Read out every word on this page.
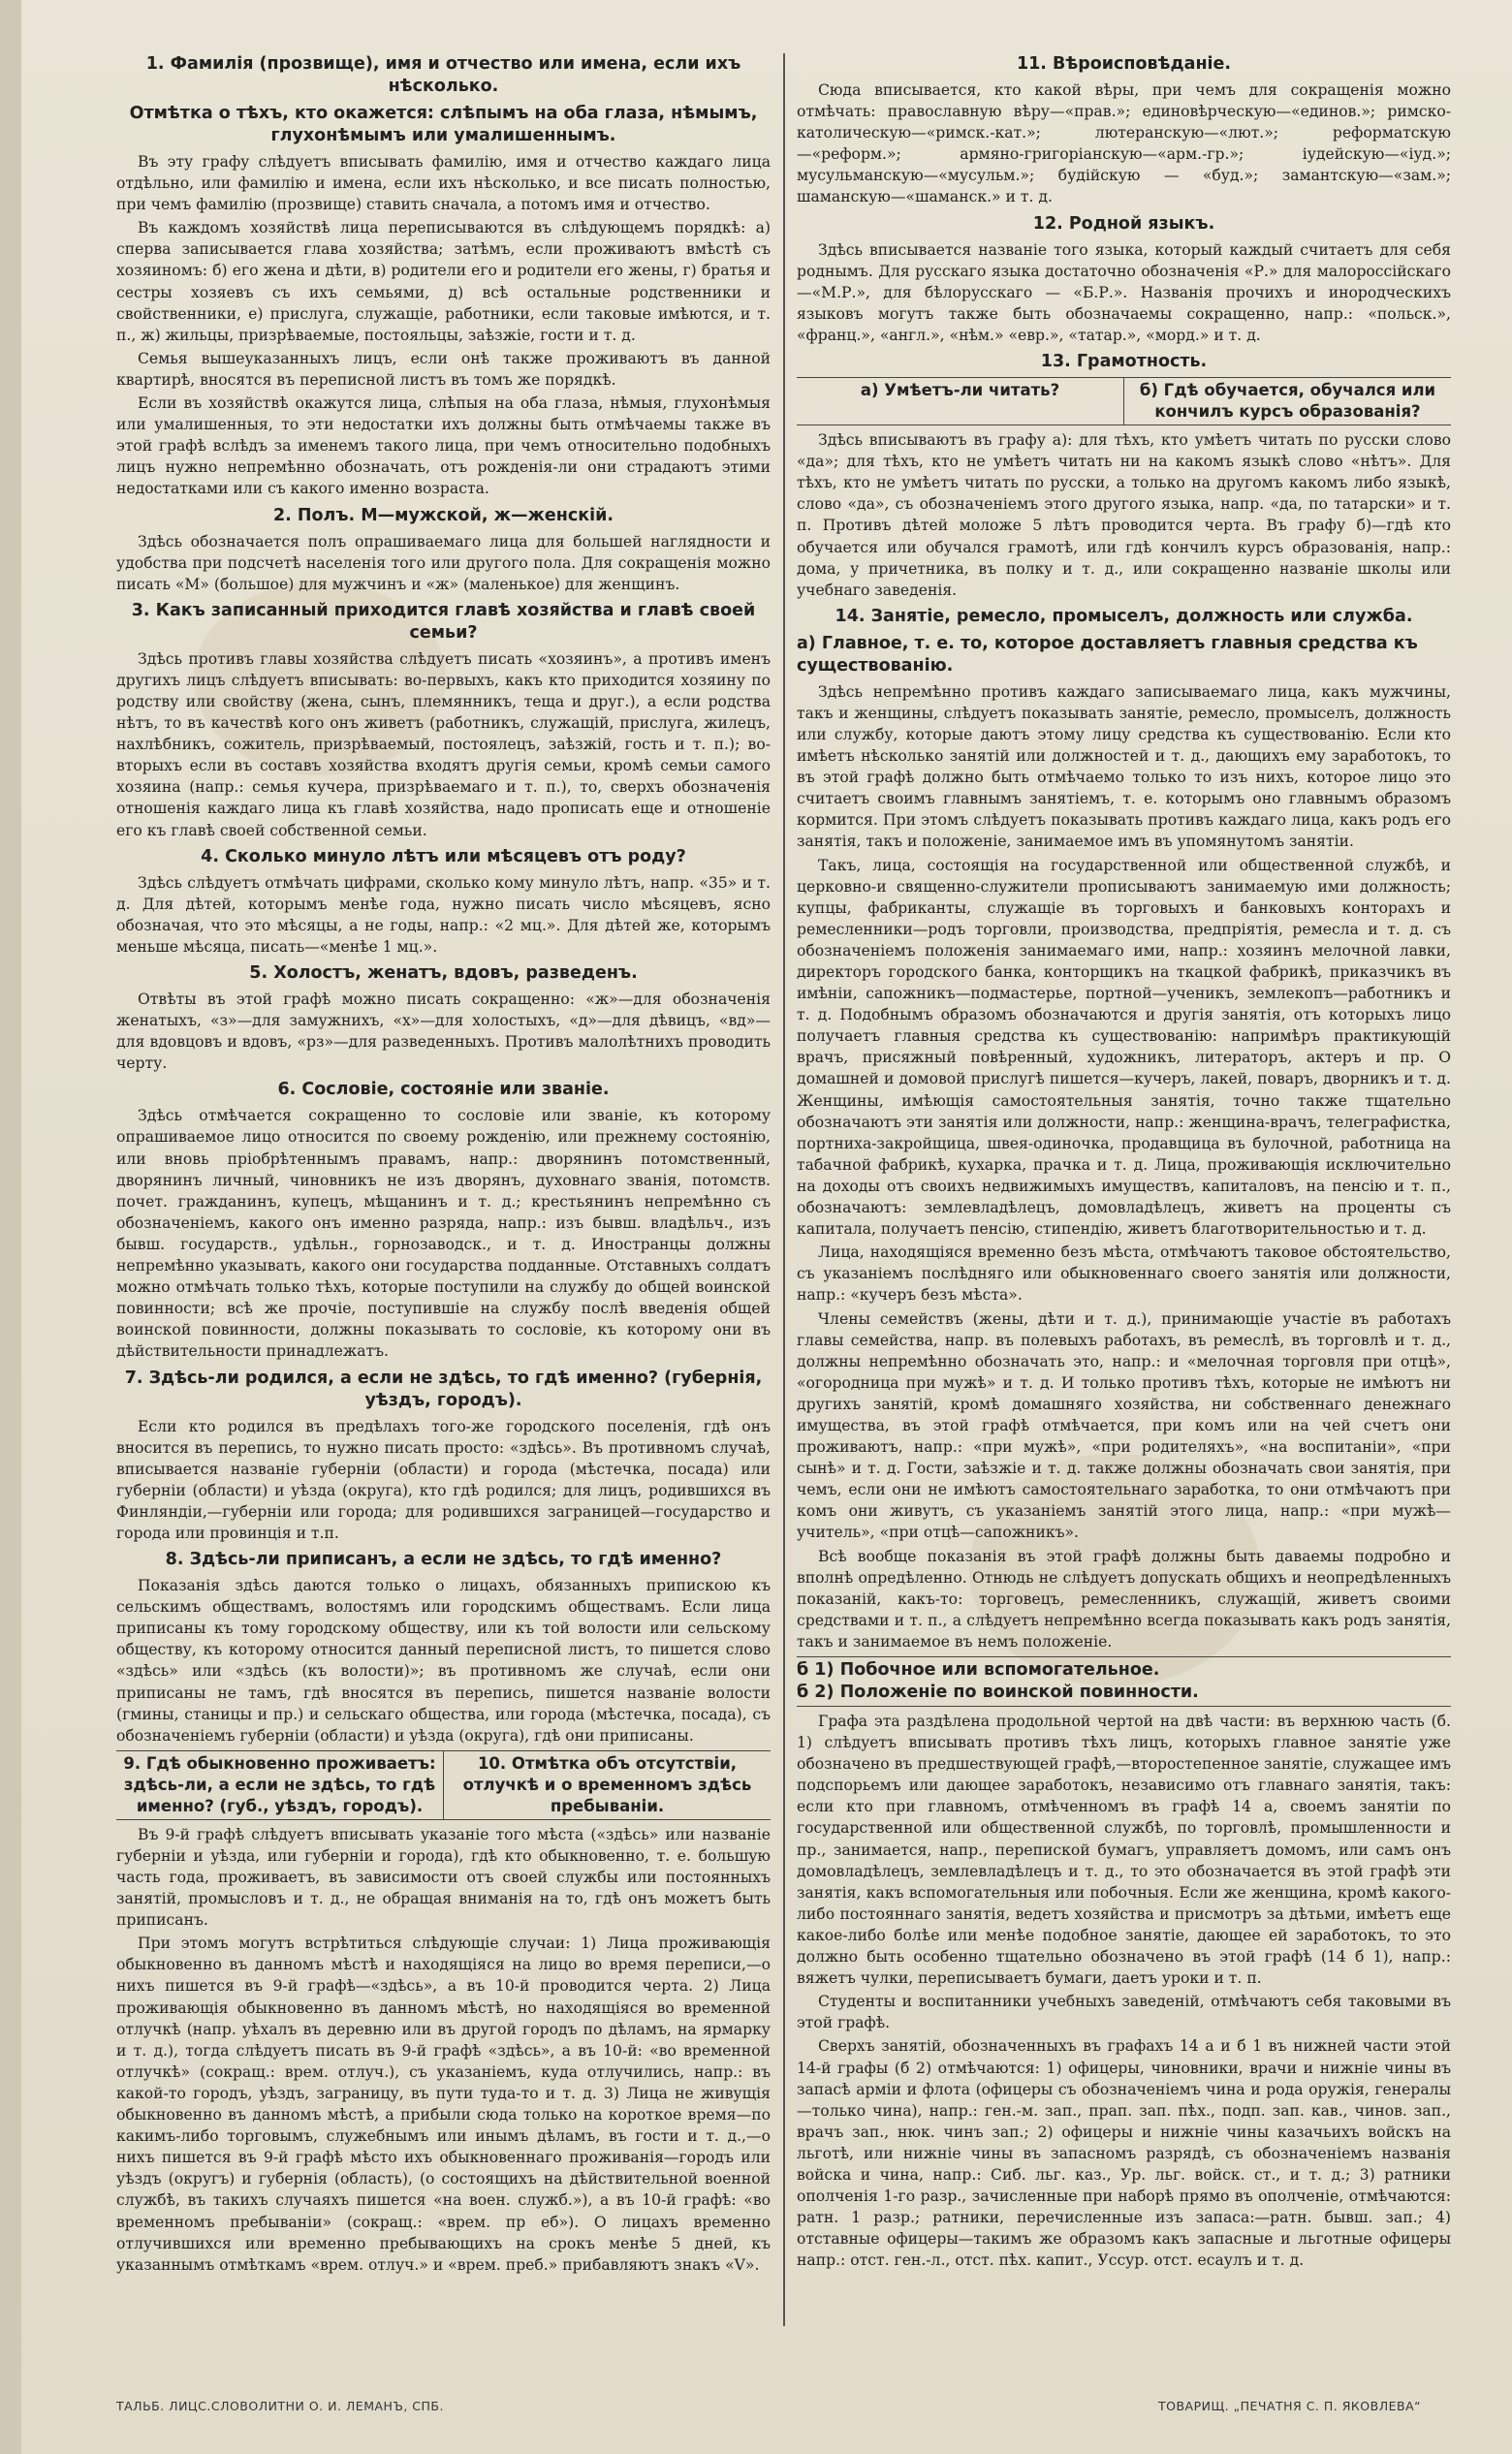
1. Фамилія (прозвище), имя и отчество или имена, если ихъ нѣсколько.
Отмѣтка о тѣхъ, кто окажется: слѣпымъ на оба глаза, нѣмымъ, глухонѣмымъ или умалишеннымъ.

Въ эту графу слѣдуетъ вписывать фамилію, имя и отчество каждаго лица отдѣльно, или фамилію и имена, если ихъ нѣсколько, и все писать полностью, при чемъ фамилію (прозвище) ставить сначала, а потомъ имя и отчество.

Въ каждомъ хозяйствѣ лица переписываются въ слѣдующемъ порядкѣ: а) сперва записывается глава хозяйства; затѣмъ, если проживаютъ вмѣстѣ съ хозяиномъ: б) его жена и дѣти, в) родители его и родители его жены, г) братья и сестры хозяевъ съ ихъ семьями, д) всѣ остальные родственники и свойственники, е) прислуга, служащіе, работники, если таковые имѣются, и т. п., ж) жильцы, призрѣваемые, постояльцы, заѣзжіе, гости и т. д.

Семья вышеуказанныхъ лицъ, если онѣ также проживаютъ въ данной квартирѣ, вносятся въ переписной листъ въ томъ же порядкѣ.

Если въ хозяйствѣ окажутся лица, слѣпыя на оба глаза, нѣмыя, глухонѣмыя или умалишенныя, то эти недостатки ихъ должны быть отмѣчаемы также въ этой графѣ вслѣдъ за именемъ такого лица, при чемъ относительно подобныхъ лицъ нужно непремѣнно обозначать, отъ рожденія-ли они страдаютъ этими недостатками или съ какого именно возраста.

2. Полъ. М—мужской, ж—женскій.

Здѣсь обозначается полъ опрашиваемаго лица для большей наглядности и удобства при подсчетѣ населенія того или другого пола. Для сокращенія можно писать «М» (большое) для мужчинъ и «ж» (маленькое) для женщинъ.

3. Какъ записанный приходится главѣ хозяйства и главѣ своей семьи?

Здѣсь противъ главы хозяйства слѣдуетъ писать «хозяинъ», а противъ именъ другихъ лицъ слѣдуетъ вписывать: во-первыхъ, какъ кто приходится хозяину по родству или свойству (жена, сынъ, племянникъ, теща и друг.), а если родства нѣтъ, то въ качествѣ кого онъ живетъ (работникъ, служащій, прислуга, жилецъ, нахлѣбникъ, сожитель, призрѣваемый, постоялецъ, заѣзжій, гость и т. п.); во-вторыхъ если въ составъ хозяйства входятъ другія семьи, кромѣ семьи самого хозяина (напр.: семья кучера, призрѣваемаго и т. п.), то, сверхъ обозначенія отношенія каждаго лица къ главѣ хозяйства, надо прописать еще и отношеніе его къ главѣ своей собственной семьи.

4. Сколько минуло лѣтъ или мѣсяцевъ отъ роду?

Здѣсь слѣдуетъ отмѣчать цифрами, сколько кому минуло лѣтъ, напр. «35» и т. д. Для дѣтей, которымъ менѣе года, нужно писать число мѣсяцевъ, ясно обозначая, что это мѣсяцы, а не годы, напр.: «2 мц.». Для дѣтей же, которымъ меньше мѣсяца, писать—«менѣе 1 мц.».

5. Холостъ, женатъ, вдовъ, разведенъ.

Отвѣты въ этой графѣ можно писать сокращенно: «ж»—для обозначенія женатыхъ, «з»—для замужнихъ, «х»—для холостыхъ, «д»—для дѣвицъ, «вд»—для вдовцовъ и вдовъ, «рз»—для разведенныхъ. Противъ малолѣтнихъ проводить черту.

6. Сословіе, состояніе или званіе.

Здѣсь отмѣчается сокращенно то сословіе или званіе, къ которому опрашиваемое лицо относится по своему рожденію, или прежнему состоянію, или вновь пріобрѣтеннымъ правамъ, напр.: дворянинъ потомственный, дворянинъ личный, чиновникъ не изъ дворянъ, духовнаго званія, потомств. почет. гражданинъ, купецъ, мѣщанинъ и т. д.; крестьянинъ непремѣнно съ обозначеніемъ, какого онъ именно разряда, напр.: изъ бывш. владѣльч., изъ бывш. государств., удѣльн., горнозаводск., и т. д. Иностранцы должны непремѣнно указывать, какого они государства подданные. Отставныхъ солдатъ можно отмѣчать только тѣхъ, которые поступили на службу до общей воинской повинности; всѣ же прочіе, поступившіе на службу послѣ введенія общей воинской повинности, должны показывать то сословіе, къ которому они въ дѣйствительности принадлежатъ.

7. Здѣсь-ли родился, а если не здѣсь, то гдѣ именно? (губернія, уѣздъ, городъ).

Если кто родился въ предѣлахъ того-же городского поселенія, гдѣ онъ вносится въ перепись, то нужно писать просто: «здѣсь». Въ противномъ случаѣ, вписывается названіе губерніи (области) и города (мѣстечка, посада) или губерніи (области) и уѣзда (округа), кто гдѣ родился; для лицъ, родившихся въ Финляндіи,—губерніи или города; для родившихся заграницей—государство и города или провинція и т.п.

8. Здѣсь-ли приписанъ, а если не здѣсь, то гдѣ именно?

Показанія здѣсь даются только о лицахъ, обязанныхъ припискою къ сельскимъ обществамъ, волостямъ или городскимъ обществамъ. Если лица приписаны къ тому городскому обществу, или къ той волости или сельскому обществу, къ которому относится данный переписной листъ, то пишется слово «здѣсь» или «здѣсь (къ волости)»; въ противномъ же случаѣ, если они приписаны не тамъ, гдѣ вносятся въ перепись, пишется названіе волости (гмины, станицы и пр.) и сельскаго общества, или города (мѣстечка, посада), съ обозначеніемъ губерніи (области) и уѣзда (округа), гдѣ они приписаны.

9. Гдѣ обыкновенно проживаетъ: здѣсь-ли, а если не здѣсь, то гдѣ именно? (губ., уѣздъ, городъ).
10. Отмѣтка объ отсутствіи, отлучкѣ и о временномъ здѣсь пребываніи.

Въ 9-й графѣ слѣдуетъ вписывать указаніе того мѣста («здѣсь» или названіе губерніи и уѣзда, или губерніи и города), гдѣ кто обыкновенно, т. е. большую часть года, проживаетъ, въ зависимости отъ своей службы или постоянныхъ занятій, промысловъ и т. д., не обращая вниманія на то, гдѣ онъ можетъ быть приписанъ.

При этомъ могутъ встрѣтиться слѣдующіе случаи: 1) Лица проживающія обыкновенно въ данномъ мѣстѣ и находящіяся на лицо во время переписи,—о нихъ пишется въ 9-й графѣ—«здѣсь», а въ 10-й проводится черта. 2) Лица проживающія обыкновенно въ данномъ мѣстѣ, но находящіяся во временной отлучкѣ (напр. уѣхалъ въ деревню или въ другой городъ по дѣламъ, на ярмарку и т. д.), тогда слѣдуетъ писать въ 9-й графѣ «здѣсь», а въ 10-й: «во временной отлучкѣ» (сокращ.: врем. отлуч.), съ указаніемъ, куда отлучились, напр.: въ какой-то городъ, уѣздъ, заграницу, въ пути туда-то и т. д. 3) Лица не живущія обыкновенно въ данномъ мѣстѣ, а прибыли сюда только на короткое время—по какимъ-либо торговымъ, служебнымъ или инымъ дѣламъ, въ гости и т. д.,—о нихъ пишется въ 9-й графѣ мѣсто ихъ обыкновеннаго проживанія—городъ или уѣздъ (округъ) и губернія (область), (о состоящихъ на дѣйствительной военной службѣ, въ такихъ случаяхъ пишется «на воен. служб.»), а въ 10-й графѣ: «во временномъ пребываніи» (сокращ.: «врем. пр еб»). О лицахъ временно отлучившихся или временно пребывающихъ на срокъ менѣе 5 дней, къ указаннымъ отмѣткамъ «врем. отлуч.» и «врем. преб.» прибавляютъ знакъ «V».

11. Вѣроисповѣданіе.

Сюда вписывается, кто какой вѣры, при чемъ для сокращенія можно отмѣчать: православную вѣру—«прав.»; единовѣрческую—«единов.»; римско-католическую—«римск.-кат.»; лютеранскую—«лют.»; реформатскую—«реформ.»; армяно-григоріанскую—«арм.-гр.»; іудейскую—«іуд.»; мусульманскую—«мусульм.»; будійскую — «буд.»; замантскую—«зам.»; шаманскую—«шаманск.» и т. д.

12. Родной языкъ.

Здѣсь вписывается названіе того языка, который каждый считаетъ для себя роднымъ. Для русскаго языка достаточно обозначенія «Р.» для малороссійскаго—«М.Р.», для бѣлорусскаго — «Б.Р.». Названія прочихъ и инородческихъ языковъ могутъ также быть обозначаемы сокращенно, напр.: «польск.», «франц.», «англ.», «нѣм.» «евр.», «татар.», «морд.» и т. д.

13. Грамотность.
а) Умѣетъ-ли читать?	б) Гдѣ обучается, обучался или кончилъ курсъ образованія?

Здѣсь вписываютъ въ графу а): для тѣхъ, кто умѣетъ читать по русски слово «да»; для тѣхъ, кто не умѣетъ читать ни на какомъ языкѣ слово «нѣтъ». Для тѣхъ, кто не умѣетъ читать по русски, а только на другомъ какомъ либо языкѣ, слово «да», съ обозначеніемъ этого другого языка, напр. «да, по татарски» и т. п. Противъ дѣтей моложе 5 лѣтъ проводится черта. Въ графу б)—гдѣ кто обучается или обучался грамотѣ, или гдѣ кончилъ курсъ образованія, напр.: дома, у причетника, въ полку и т. д., или сокращенно названіе школы или учебнаго заведенія.

14. Занятіе, ремесло, промыселъ, должность или служба.
а) Главное, т. е. то, которое доставляетъ главныя средства къ существованію.

Здѣсь непремѣнно противъ каждаго записываемаго лица, какъ мужчины, такъ и женщины, слѣдуетъ показывать занятіе, ремесло, промыселъ, должность или службу, которые даютъ этому лицу средства къ существованію. Если кто имѣетъ нѣсколько занятій или должностей и т. д., дающихъ ему заработокъ, то въ этой графѣ должно быть отмѣчаемо только то изъ нихъ, которое лицо это считаетъ своимъ главнымъ занятіемъ, т. е. которымъ оно главнымъ образомъ кормится. При этомъ слѣдуетъ показывать противъ каждаго лица, какъ родъ его занятія, такъ и положеніе, занимаемое имъ въ упомянутомъ занятіи.

Такъ, лица, состоящія на государственной или общественной службѣ, и церковно-и священно-служители прописываютъ занимаемую ими должность; купцы, фабриканты, служащіе въ торговыхъ и банковыхъ конторахъ и ремесленники—родъ торговли, производства, предпріятія, ремесла и т. д. съ обозначеніемъ положенія занимаемаго ими, напр.: хозяинъ мелочной лавки, директоръ городского банка, конторщикъ на ткацкой фабрикѣ, приказчикъ въ имѣніи, сапожникъ—подмастерье, портной—ученикъ, землекопъ—работникъ и т. д. Подобнымъ образомъ обозначаются и другія занятія, отъ которыхъ лицо получаетъ главныя средства къ существованію: напримѣръ практикующій врачъ, присяжный повѣренный, художникъ, литераторъ, актеръ и пр. О домашней и домовой прислугѣ пишется—кучеръ, лакей, поваръ, дворникъ и т. д. Женщины, имѣющія самостоятельныя занятія, точно также тщательно обозначаютъ эти занятія или должности, напр.: женщина-врачъ, телеграфистка, портниха-закройщица, швея-одиночка, продавщица въ булочной, работница на табачной фабрикѣ, кухарка, прачка и т. д. Лица, проживающія исключительно на доходы отъ своихъ недвижимыхъ имуществъ, капиталовъ, на пенсію и т. п., обозначаютъ: землевладѣлецъ, домовладѣлецъ, живетъ на проценты съ капитала, получаетъ пенсію, стипендію, живетъ благотворительностью и т. д.

Лица, находящіяся временно безъ мѣста, отмѣчаютъ таковое обстоятельство, съ указаніемъ послѣдняго или обыкновеннаго своего занятія или должности, напр.: «кучеръ безъ мѣста».

Члены семействъ (жены, дѣти и т. д.), принимающіе участіе въ работахъ главы семейства, напр. въ полевыхъ работахъ, въ ремеслѣ, въ торговлѣ и т. д., должны непремѣнно обозначать это, напр.: и «мелочная торговля при отцѣ», «огородница при мужѣ» и т. д. И только противъ тѣхъ, которые не имѣютъ ни другихъ занятій, кромѣ домашняго хозяйства, ни собственнаго денежнаго имущества, въ этой графѣ отмѣчается, при комъ или на чей счетъ они проживаютъ, напр.: «при мужѣ», «при родителяхъ», «на воспитаніи», «при сынѣ» и т. д. Гости, заѣзжіе и т. д. также должны обозначать свои занятія, при чемъ, если они не имѣютъ самостоятельнаго заработка, то они отмѣчаютъ при комъ они живутъ, съ указаніемъ занятій этого лица, напр.: «при мужѣ—учитель», «при отцѣ—сапожникъ».

Всѣ вообще показанія въ этой графѣ должны быть даваемы подробно и вполнѣ опредѣленно. Отнюдь не слѣдуетъ допускать общихъ и неопредѣленныхъ показаній, какъ-то: торговецъ, ремесленникъ, служащій, живетъ своими средствами и т. п., а слѣдуетъ непремѣнно всегда показывать какъ родъ занятія, такъ и занимаемое въ немъ положеніе.

б 1) Побочное или вспомогательное.
б 2) Положеніе по воинской повинности.

Графа эта раздѣлена продольной чертой на двѣ части: въ верхнюю часть (б. 1) слѣдуетъ вписывать противъ тѣхъ лицъ, которыхъ главное занятіе уже обозначено въ предшествующей графѣ,—второстепенное занятіе, служащее имъ подспорьемъ или дающее заработокъ, независимо отъ главнаго занятія, такъ: если кто при главномъ, отмѣченномъ въ графѣ 14 а, своемъ занятіи по государственной или общественной службѣ, по торговлѣ, промышленности и пр., занимается, напр., перепиской бумагъ, управляетъ домомъ, или самъ онъ домовладѣлецъ, землевладѣлецъ и т. д., то это обозначается въ этой графѣ эти занятія, какъ вспомогательныя или побочныя. Если же женщина, кромѣ какого-либо постояннаго занятія, ведетъ хозяйства и присмотръ за дѣтьми, имѣетъ еще какое-либо болѣе или менѣе подобное занятіе, дающее ей заработокъ, то это должно быть особенно тщательно обозначено въ этой графѣ (14 б 1), напр.: вяжетъ чулки, переписываетъ бумаги, даетъ уроки и т. п.

Студенты и воспитанники учебныхъ заведеній, отмѣчаютъ себя таковыми въ этой графѣ.

Сверхъ занятій, обозначенныхъ въ графахъ 14 а и б 1 въ нижней части этой 14-й графы (б 2) отмѣчаются: 1) офицеры, чиновники, врачи и нижніе чины въ запасѣ арміи и флота (офицеры съ обозначеніемъ чина и рода оружія, генералы—только чина), напр.: ген.-м. зап., прап. зап. пѣх., подп. зап. кав., чинов. зап., врачъ зап., нюк. чинъ зап.; 2) офицеры и нижніе чины казачьихъ войскъ на льготѣ, или нижніе чины въ запасномъ разрядѣ, съ обозначеніемъ названія войска и чина, напр.: Сиб. льг. каз., Ур. льг. войск. ст., и т. д.; 3) ратники ополченія 1-го разр., зачисленные при наборѣ прямо въ ополченіе, отмѣчаются: ратн. 1 разр.; ратники, перечисленные изъ запаса:—ратн. бывш. зап.; 4) отставные офицеры—такимъ же образомъ какъ запасные и льготные офицеры напр.: отст. ген.-л., отст. пѣх. капит., Уссур. отст. есаулъ и т. д.

ТАЛЬБ. ЛИЦС.СЛОВОЛИТНИ О. И. ЛЕМАНЪ, СПБ.	ТОВАРИЩ. „ПЕЧАТНЯ С. П. ЯКОВЛЕВА“
